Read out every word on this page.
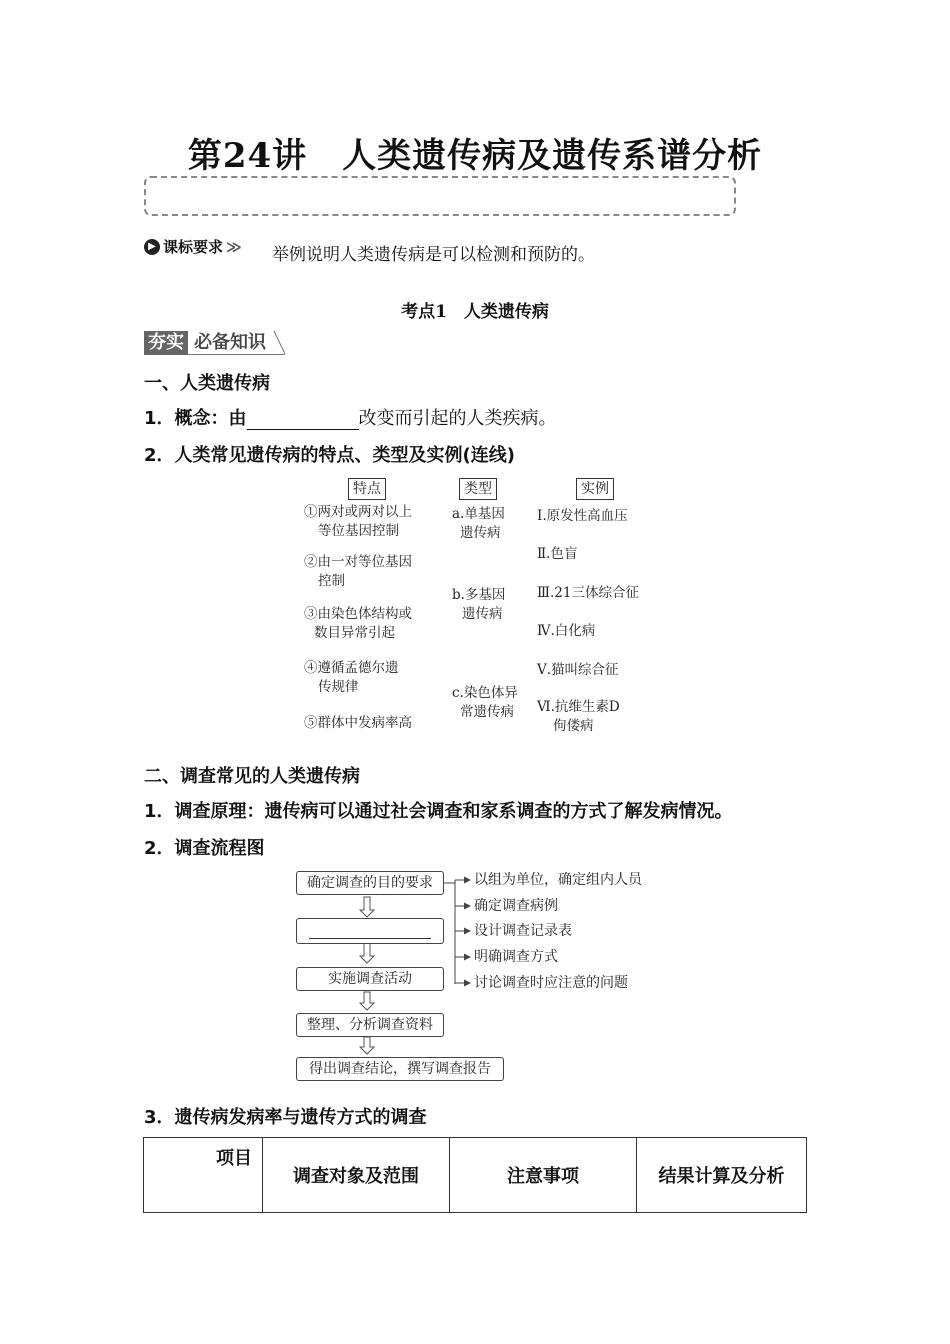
第24讲　人类遗传病及遗传系谱分析
▶ 课标要求 ≫ 举例说明人类遗传病是可以检测和预防的。
考点1　人类遗传病
夯实 必备知识
一、人类遗传病
1．概念：由	改变而引起的人类疾病。
2．人类常见遗传病的特点、类型及实例(连线)
特点	类型	实例
①两对或两对以上
等位基因控制
②由一对等位基因
控制
③由染色体结构或
数目异常引起
④遵循孟德尔遗
传规律
⑤群体中发病率高
a.单基因
遗传病
b.多基因
遗传病
c.染色体异
常遗传病
Ⅰ.原发性高血压
Ⅱ.色盲
Ⅲ.21三体综合征
Ⅳ.白化病
Ⅴ.猫叫综合征
Ⅵ.抗维生素D
佝偻病
二、调查常见的人类遗传病
1．调查原理：遗传病可以通过社会调查和家系调查的方式了解发病情况。
2．调查流程图
确定调查的目的要求
实施调查活动
整理、分析调查资料
得出调查结论，撰写调查报告
以组为单位，确定组内人员
确定调查病例
设计调查记录表
明确调查方式
讨论调查时应注意的问题
3．遗传病发病率与遗传方式的调查
项目	调查对象及范围	注意事项	结果计算及分析
